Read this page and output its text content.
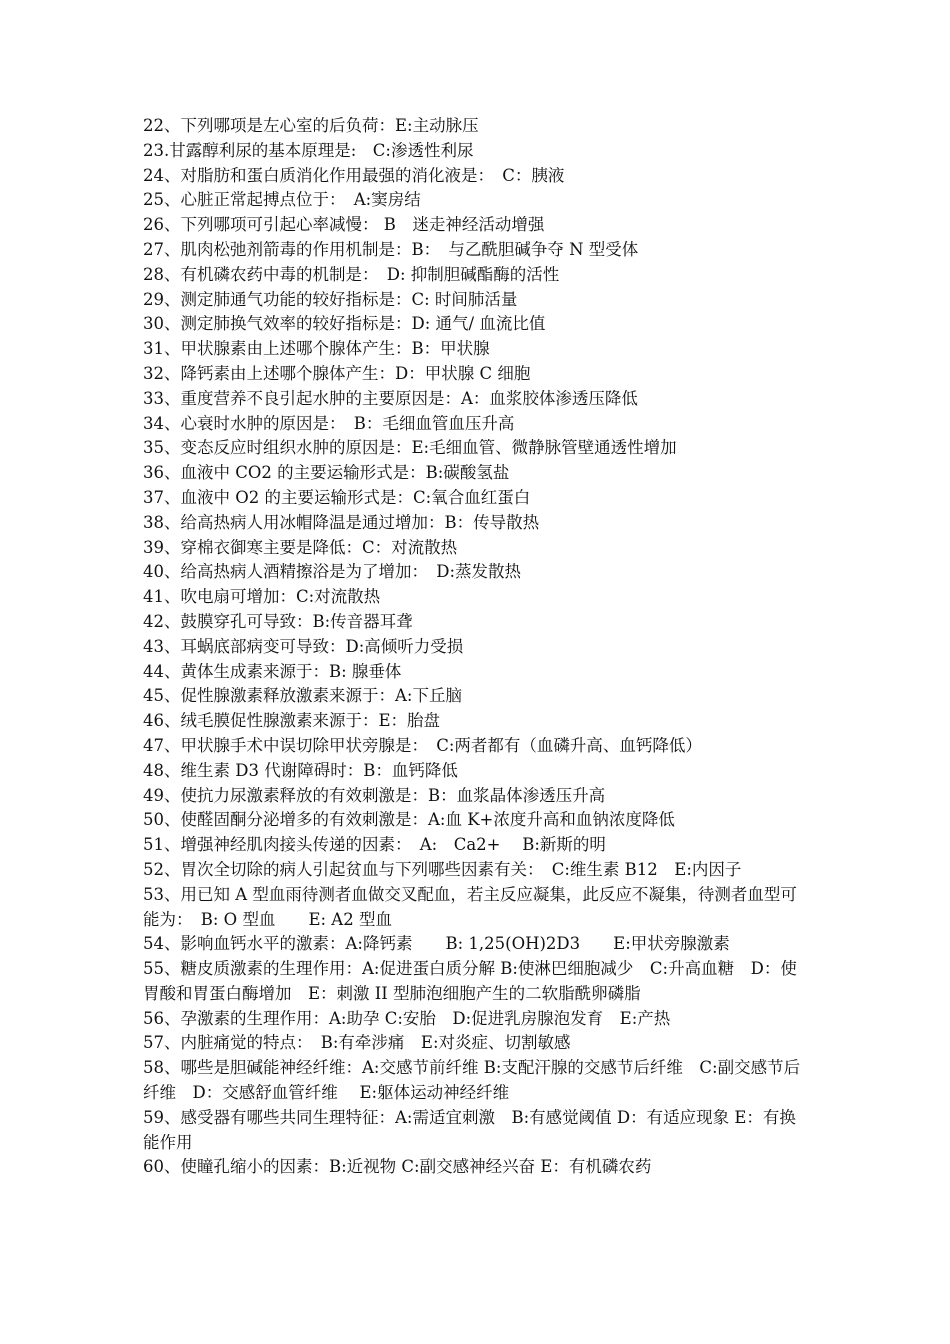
22、下列哪项是左心室的后负荷：E:主动脉压

23.甘露醇利尿的基本原理是:　C:渗透性利尿

24、对脂肪和蛋白质消化作用最强的消化液是：　C：胰液

25、心脏正常起搏点位于：　A:窦房结

26、下列哪项可引起心率减慢： B　迷走神经活动增强

27、肌肉松弛剂箭毒的作用机制是：B：　与乙酰胆碱争夺 N 型受体

28、有机磷农药中毒的机制是：　D: 抑制胆碱酯酶的活性

29、测定肺通气功能的较好指标是：C: 时间肺活量

30、测定肺换气效率的较好指标是：D: 通气/ 血流比值

31、甲状腺素由上述哪个腺体产生：B：甲状腺

32、降钙素由上述哪个腺体产生：D：甲状腺 C 细胞

33、重度营养不良引起水肿的主要原因是：A：血浆胶体渗透压降低

34、心衰时水肿的原因是：　B：毛细血管血压升高

35、变态反应时组织水肿的原因是：E:毛细血管、微静脉管壁通透性增加

36、血液中 CO2 的主要运输形式是：B:碳酸氢盐

37、血液中 O2 的主要运输形式是：C:氧合血红蛋白

38、给高热病人用冰帽降温是通过增加：B：传导散热

39、穿棉衣御寒主要是降低：C：对流散热

40、给高热病人酒精擦浴是为了增加：　D:蒸发散热

41、吹电扇可增加：C:对流散热

42、鼓膜穿孔可导致：B:传音器耳聋

43、耳蜗底部病变可导致：D:高倾听力受损

44、黄体生成素来源于：B: 腺垂体

45、促性腺激素释放激素来源于：A:下丘脑

46、绒毛膜促性腺激素来源于：E：胎盘

47、甲状腺手术中误切除甲状旁腺是：　C:两者都有（血磷升高、血钙降低）

48、维生素 D3 代谢障碍时：B：血钙降低

49、使抗力尿激素释放的有效刺激是：B：血浆晶体渗透压升高

50、使醛固酮分泌增多的有效刺激是：A:血 K+浓度升高和血钠浓度降低

51、增强神经肌肉接头传递的因素：　A:　Ca2+　 B:新斯的明

52、胃次全切除的病人引起贫血与下列哪些因素有关：　C:维生素 B12　E:内因子

53、用已知 A 型血雨待测者血做交叉配血，若主反应凝集，此反应不凝集，待测者血型可能为：　B: O 型血　　E: A2 型血

54、影响血钙水平的激素：A:降钙素　　B: 1,25(OH)2D3　　E:甲状旁腺激素

55、糖皮质激素的生理作用：A:促进蛋白质分解 B:使淋巴细胞减少　C:升高血糖　D：使胃酸和胃蛋白酶增加　E：刺激 II 型肺泡细胞产生的二软脂酰卵磷脂

56、孕激素的生理作用：A:助孕 C:安胎　D:促进乳房腺泡发育　E:产热

57、内脏痛觉的特点：　B:有牵涉痛　E:对炎症、切割敏感

58、哪些是胆碱能神经纤维：A:交感节前纤维 B:支配汗腺的交感节后纤维　C:副交感节后纤维　D：交感舒血管纤维　 E:躯体运动神经纤维

59、感受器有哪些共同生理特征：A:需适宜刺激　B:有感觉阈值 D：有适应现象 E：有换能作用

60、使瞳孔缩小的因素：B:近视物 C:副交感神经兴奋 E：有机磷农药
